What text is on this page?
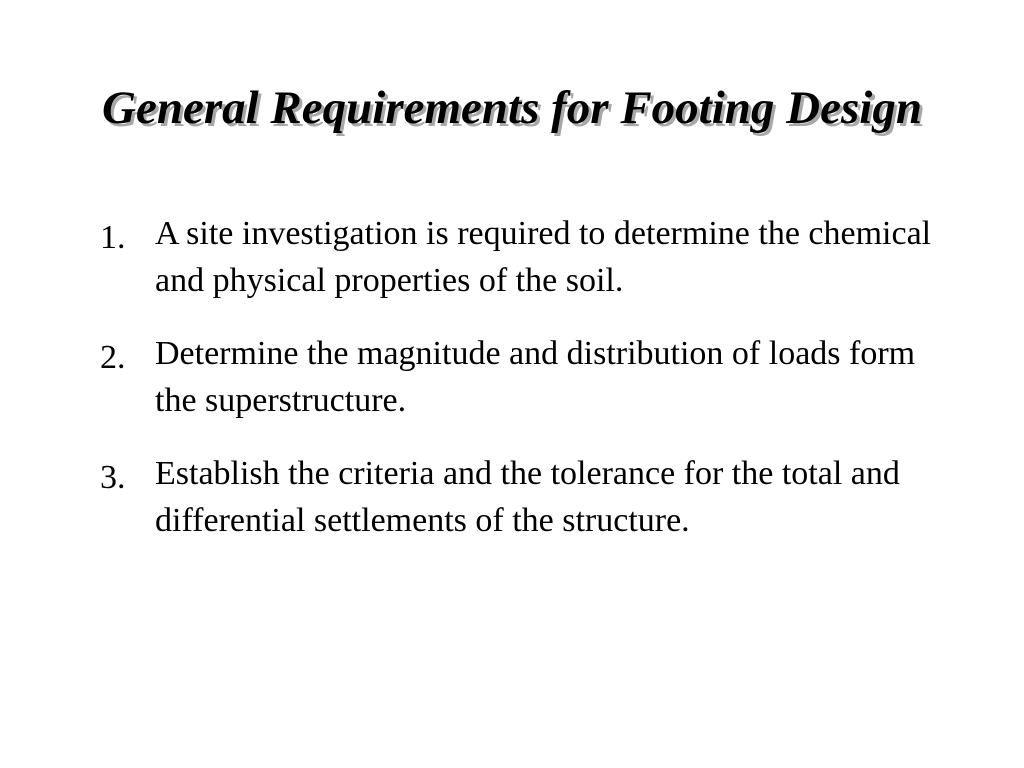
General Requirements for Footing Design
1. A site investigation is required to determine the chemical and physical properties of the soil.
2. Determine the magnitude and distribution of loads form the superstructure.
3. Establish the criteria and the tolerance for the total and differential settlements of the structure.
